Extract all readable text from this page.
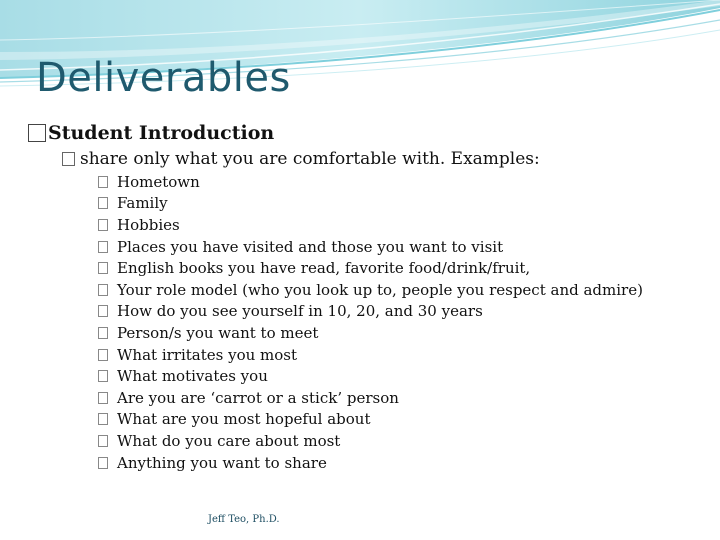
Deliverables
Student Introduction
share only what you are comfortable with. Examples:
Hometown
Family
Hobbies
Places you have visited and those you want to visit
English books you have read, favorite food/drink/fruit,
Your role model (who you look up to, people you respect and admire)
How do you see yourself in 10, 20, and 30 years
Person/s you want to meet
What irritates you most
What motivates you
Are you are ‘carrot or a stick’ person
What are you most hopeful about
What do you care about most
Anything you want to share
Jeff Teo, Ph.D.
